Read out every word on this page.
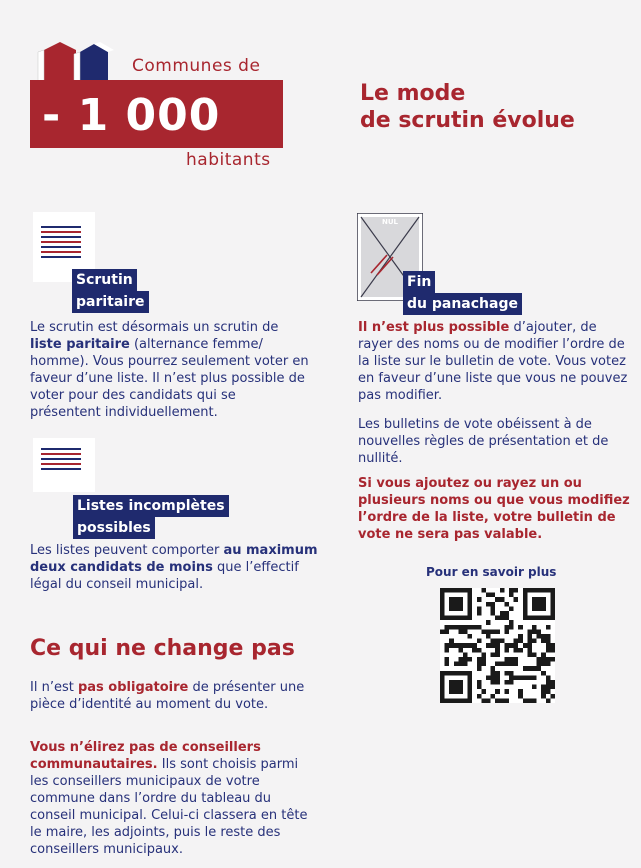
- 1 000
Communes de
habitants
Le mode
de scrutin évolue
Scrutin
paritaire
Le scrutin est désormais un scrutin de liste paritaire (alternance femme/ homme). Vous pourrez seulement voter en faveur d’une liste. Il n’est plus possible de voter pour des candidats qui se présentent individuellement.
Listes incomplètes
possibles
Les listes peuvent comporter au maximum deux candidats de moins que l’effectif légal du conseil municipal.
Ce qui ne change pas
Il n’est pas obligatoire de présenter une pièce d’identité au moment du vote.
Vous n’élirez pas de conseillers communautaires. Ils sont choisis parmi les conseillers municipaux de votre commune dans l’ordre du tableau du conseil municipal. Celui-ci classera en tête le maire, les adjoints, puis le reste des conseillers municipaux.
NUL
Fin
du panachage
Il n’est plus possible d’ajouter, de rayer des noms ou de modifier l’ordre de la liste sur le bulletin de vote. Vous votez en faveur d’une liste que vous ne pouvez pas modifier.
Les bulletins de vote obéissent à de nouvelles règles de présentation et de nullité.
Si vous ajoutez ou rayez un ou plusieurs noms ou que vous modifiez l’ordre de la liste, votre bulletin de vote ne sera pas valable.
Pour en savoir plus
